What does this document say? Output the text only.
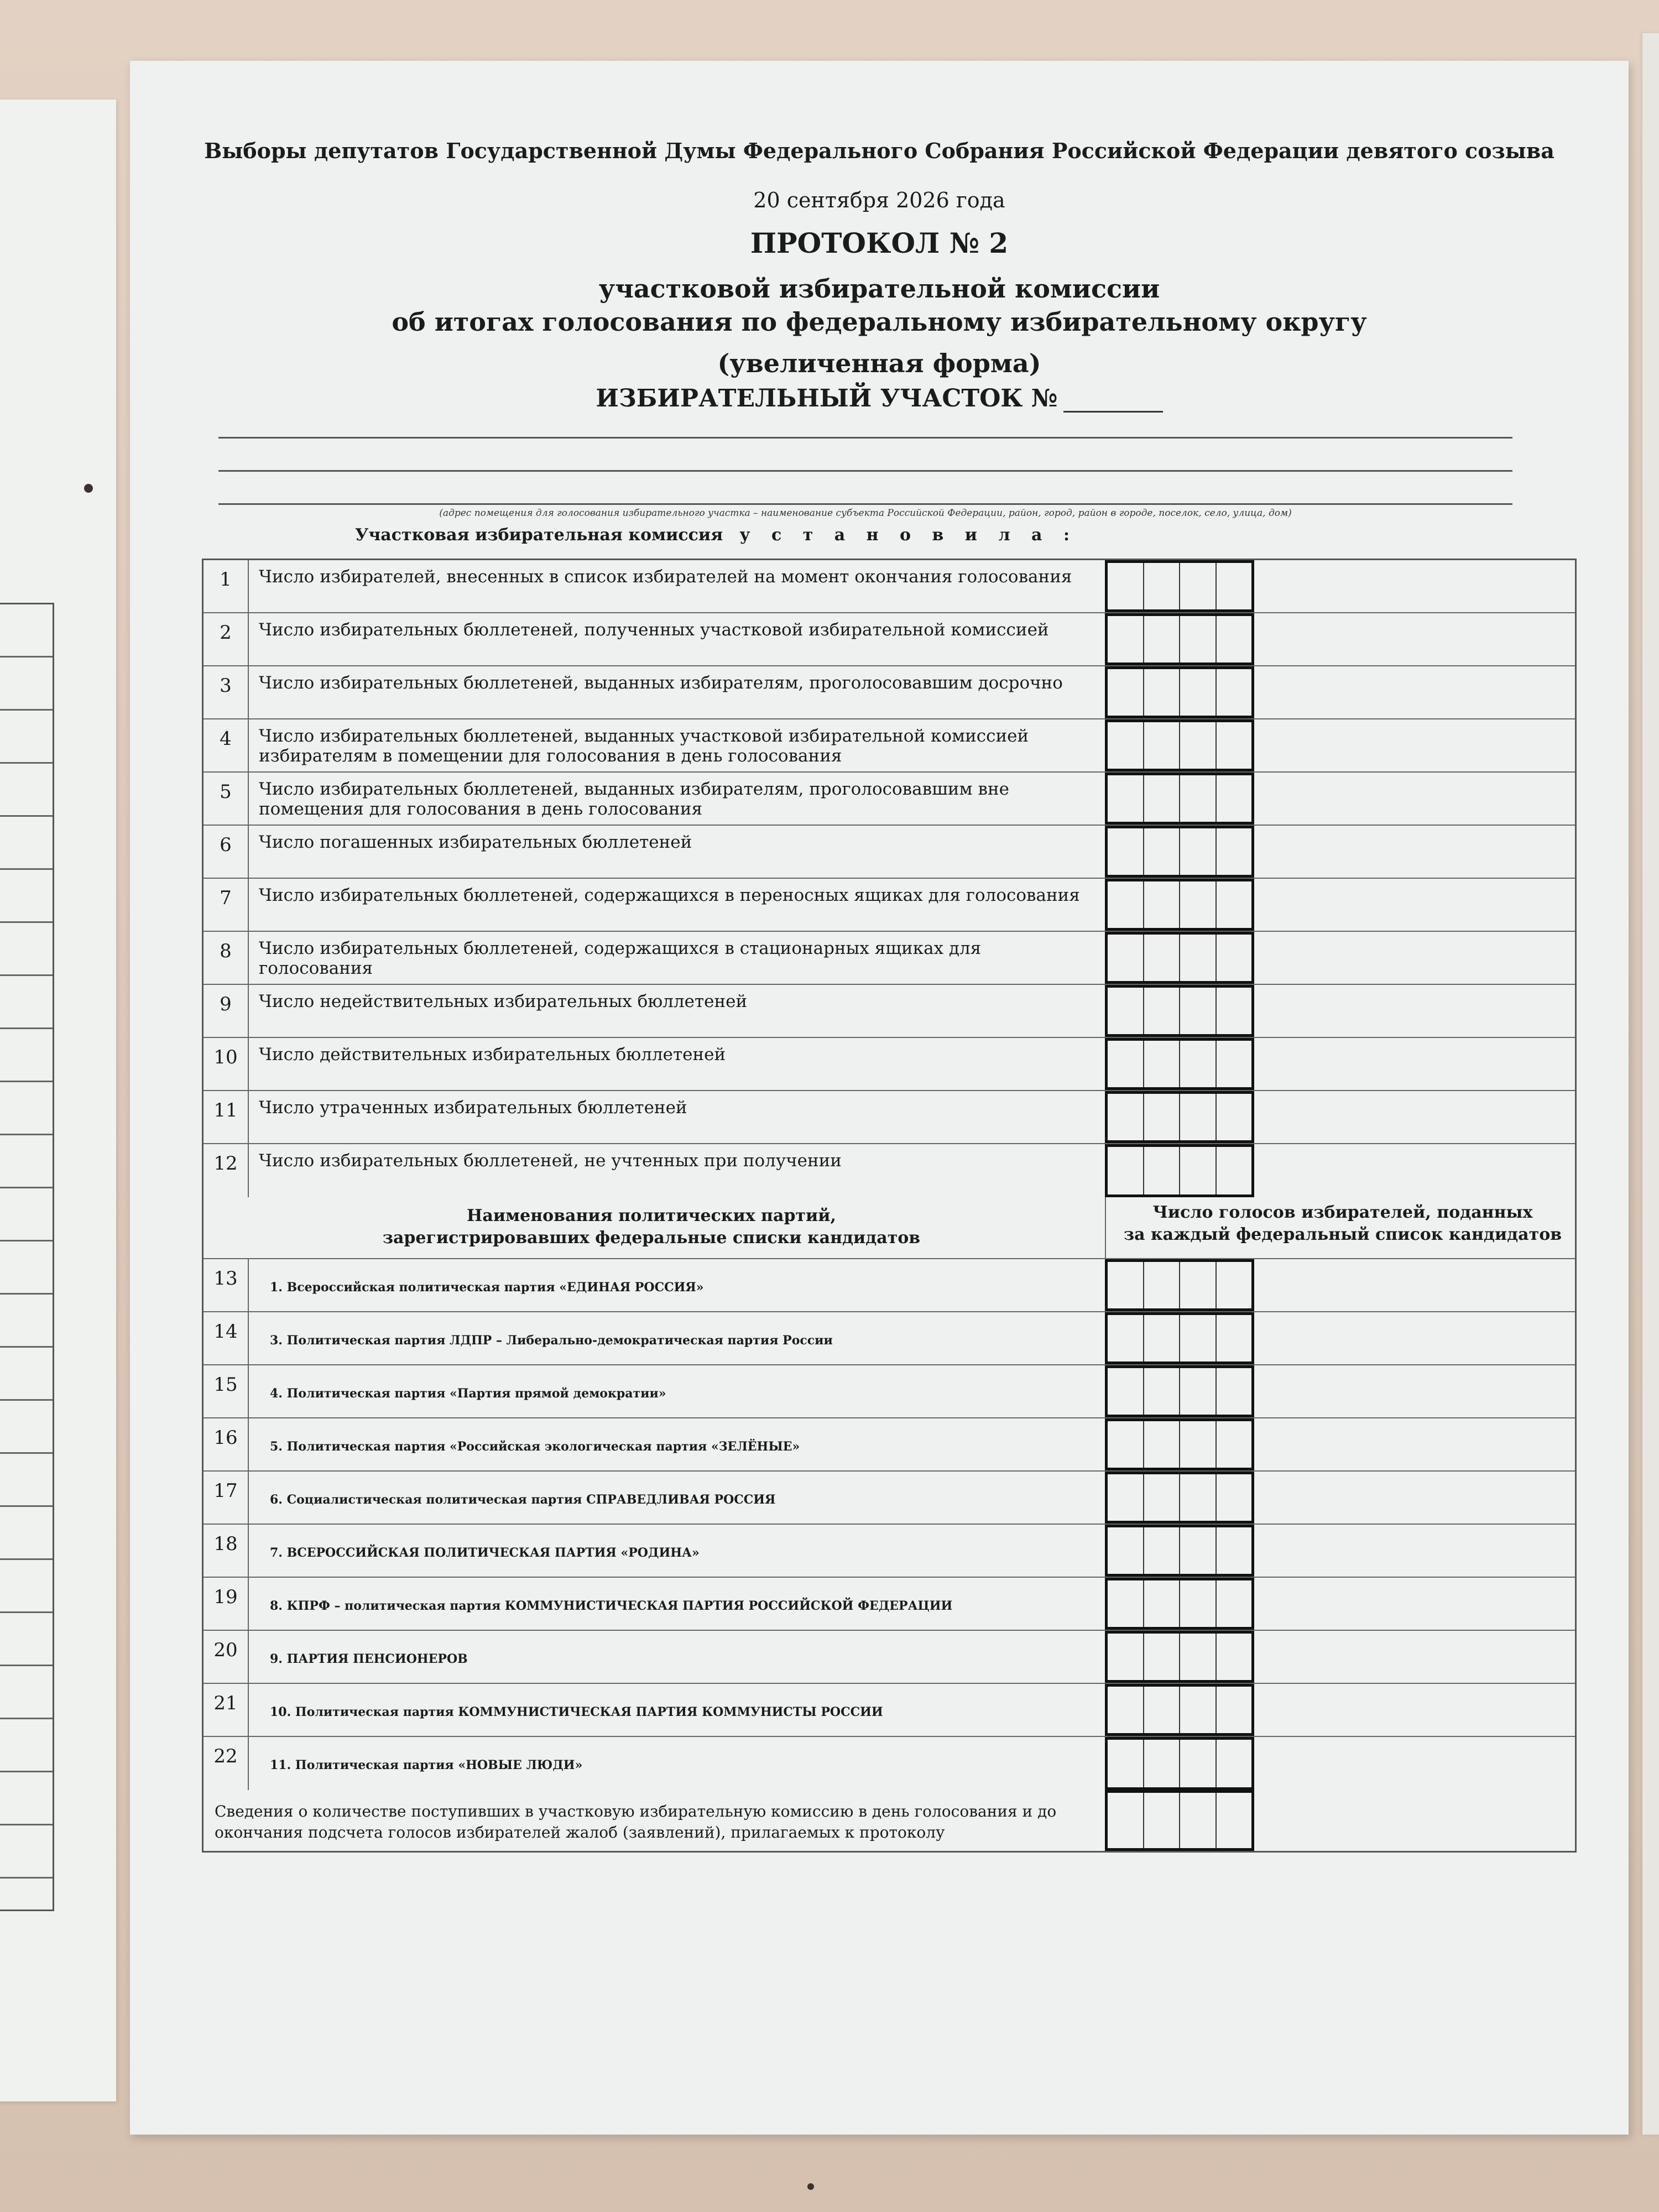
Выборы депутатов Государственной Думы Федерального Собрания Российской Федерации девятого созыва
20 сентября 2026 года
ПРОТОКОЛ № 2
участковой избирательной комиссии
об итогах голосования по федеральному избирательному округу
(увеличенная форма)
ИЗБИРАТЕЛЬНЫЙ УЧАСТОК №
(адрес помещения для голосования избирательного участка – наименование субъекта Российской Федерации, район, город, район в городе, поселок, село, улица, дом)
Участковая избирательная комиссия у с т а н о в и л а :
1	Число избирателей, внесенных в список избирателей на момент окончания голосования
2	Число избирательных бюллетеней, полученных участковой избирательной комиссией
3	Число избирательных бюллетеней, выданных избирателям, проголосовавшим досрочно
4	Число избирательных бюллетеней, выданных участковой избирательной комиссией избирателям в помещении для голосования в день голосования
5	Число избирательных бюллетеней, выданных избирателям, проголосовавшим вне помещения для голосования в день голосования
6	Число погашенных избирательных бюллетеней
7	Число избирательных бюллетеней, содержащихся в переносных ящиках для голосования
8	Число избирательных бюллетеней, содержащихся в стационарных ящиках для голосования
9	Число недействительных избирательных бюллетеней
10	Число действительных избирательных бюллетеней
11	Число утраченных избирательных бюллетеней
12	Число избирательных бюллетеней, не учтенных при получении
Наименования политических партий,
зарегистрировавших федеральные списки кандидатов
Число голосов избирателей, поданных
за каждый федеральный список кандидатов
13	1. Всероссийская политическая партия «ЕДИНАЯ РОССИЯ»
14	3. Политическая партия ЛДПР – Либерально-демократическая партия России
15	4. Политическая партия «Партия прямой демократии»
16	5. Политическая партия «Российская экологическая партия «ЗЕЛЁНЫЕ»
17	6. Социалистическая политическая партия СПРАВЕДЛИВАЯ РОССИЯ
18	7. ВСЕРОССИЙСКАЯ ПОЛИТИЧЕСКАЯ ПАРТИЯ «РОДИНА»
19	8. КПРФ – политическая партия КОММУНИСТИЧЕСКАЯ ПАРТИЯ РОССИЙСКОЙ ФЕДЕРАЦИИ
20	9. ПАРТИЯ ПЕНСИОНЕРОВ
21	10. Политическая партия КОММУНИСТИЧЕСКАЯ ПАРТИЯ КОММУНИСТЫ РОССИИ
22	11. Политическая партия «НОВЫЕ ЛЮДИ»
Сведения о количестве поступивших в участковую избирательную комиссию в день голосования и до окончания подсчета голосов избирателей жалоб (заявлений), прилагаемых к протоколу
